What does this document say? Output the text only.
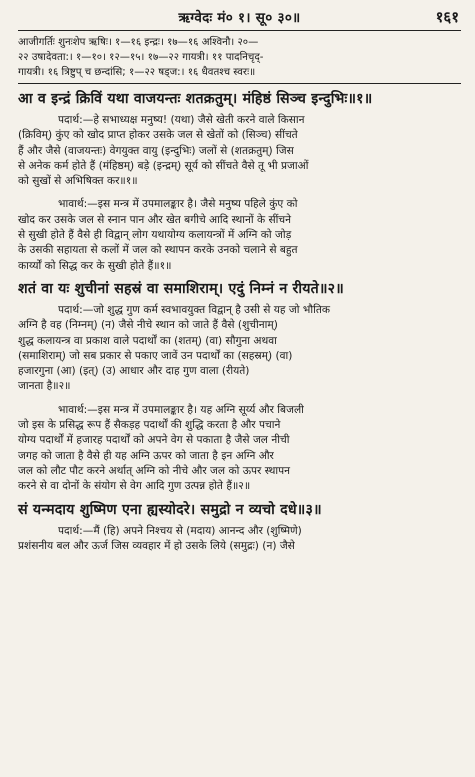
ऋग्वेदः मं० १। सू० ३०॥	१६१

आजीगर्तिः शुनःशेप ऋषिः। १—१६ इन्द्रः। १७—१६ अश्विनौ। २०—

२२ उषादेवता:। १—१०। १२—१५। १७—२२ गायत्री। ११ पादनिचृद्-

गायत्री। १६ त्रिष्टुप् च छन्दांसि; १—२२ षड्ज:। १६ धैवतश्च स्वरः॥

आ व इन्द्रं क्रिविं यथा वाजयन्तः शतक्रतुम्। मंहिष्ठं सिञ्च इन्दुभिः॥१॥

पदार्थ:—हे सभाध्यक्ष मनुष्य! (यथा) जैसे खेती करने वाले किसान

(क्रिविम्) कुंए को खोद प्राप्त होकर उसके जल से खेतों को (सिञ्च) सींचते

हैं और जैसे (वाजयन्तः) वेगयुक्त वायु (इन्दुभिः) जलों से (शतक्रतुम्) जिस

से अनेक कर्म होते हैं (मंहिष्ठम्) बड़े (इन्द्रम्) सूर्य को सींचते वैसे तू भी प्रजाओं

को सुखों से अभिषिक्त कर॥१॥

भावार्थ:—इस मन्त्र में उपमालङ्कार है। जैसे मनुष्य पहिले कुंए को

खोद कर उसके जल से स्नान पान और खेत बगीचे आदि स्थानों के सींचने

से सुखी होते हैं वैसे ही विद्वान् लोग यथायोग्य कलायन्त्रों में अग्नि को जोड़

के उसकी सहायता से कलों में जल को स्थापन करके उनको चलाने से बहुत

कार्य्यों को सिद्ध कर के सुखी होते हैं॥१॥

शतं वा यः शुचीनां सहस्रं वा समाशिराम्। एदुं निम्नं न रीयते॥२॥

पदार्थ:—जो शुद्ध गुण कर्म स्वभावयुक्त विद्वान् है उसी से यह जो भौतिक

अग्नि है वह (निम्नम्) (न) जैसे नीचे स्थान को जाते हैं वैसे (शुचीनाम्)

शुद्ध कलायन्त्र वा प्रकाश वाले पदार्थों का (शतम्) (वा) सौगुना अथवा

(समाशिराम्) जो सब प्रकार से पकाए जावें उन पदार्थों का (सहस्रम्) (वा)

हजारगुना (आ) (इत्) (उ) आधार और दाह गुण वाला (रीयते)

जानता है॥२॥

भावार्थ:—इस मन्त्र में उपमालङ्कार है। यह अग्नि सूर्य्य और बिजली

जो इस के प्रसिद्ध रूप हैं सैकड़ह पदार्थों की शुद्धि करता है और पचाने

योग्य पदार्थों में हजारह पदार्थों को अपने वेग से पकाता है जैसे जल नीची

जगह को जाता है वैसे ही यह अग्नि ऊपर को जाता है इन अग्नि और

जल को लौट पौट करने अर्थात् अग्नि को नीचे और जल को ऊपर स्थापन

करने से वा दोनों के संयोग से वेग आदि गुण उत्पन्न होते हैं॥२॥

सं यन्मदाय शुष्मिण एना ह्यस्योदरे। समुद्रो न व्यचो दधे॥३॥

पदार्थ:—मैं (हि) अपने निश्चय से (मदाय) आनन्द और (शुष्मिणे)

प्रशंसनीय बल और ऊर्ज जिस व्यवहार में हो उसके लिये (समुद्रः) (न) जैसे
